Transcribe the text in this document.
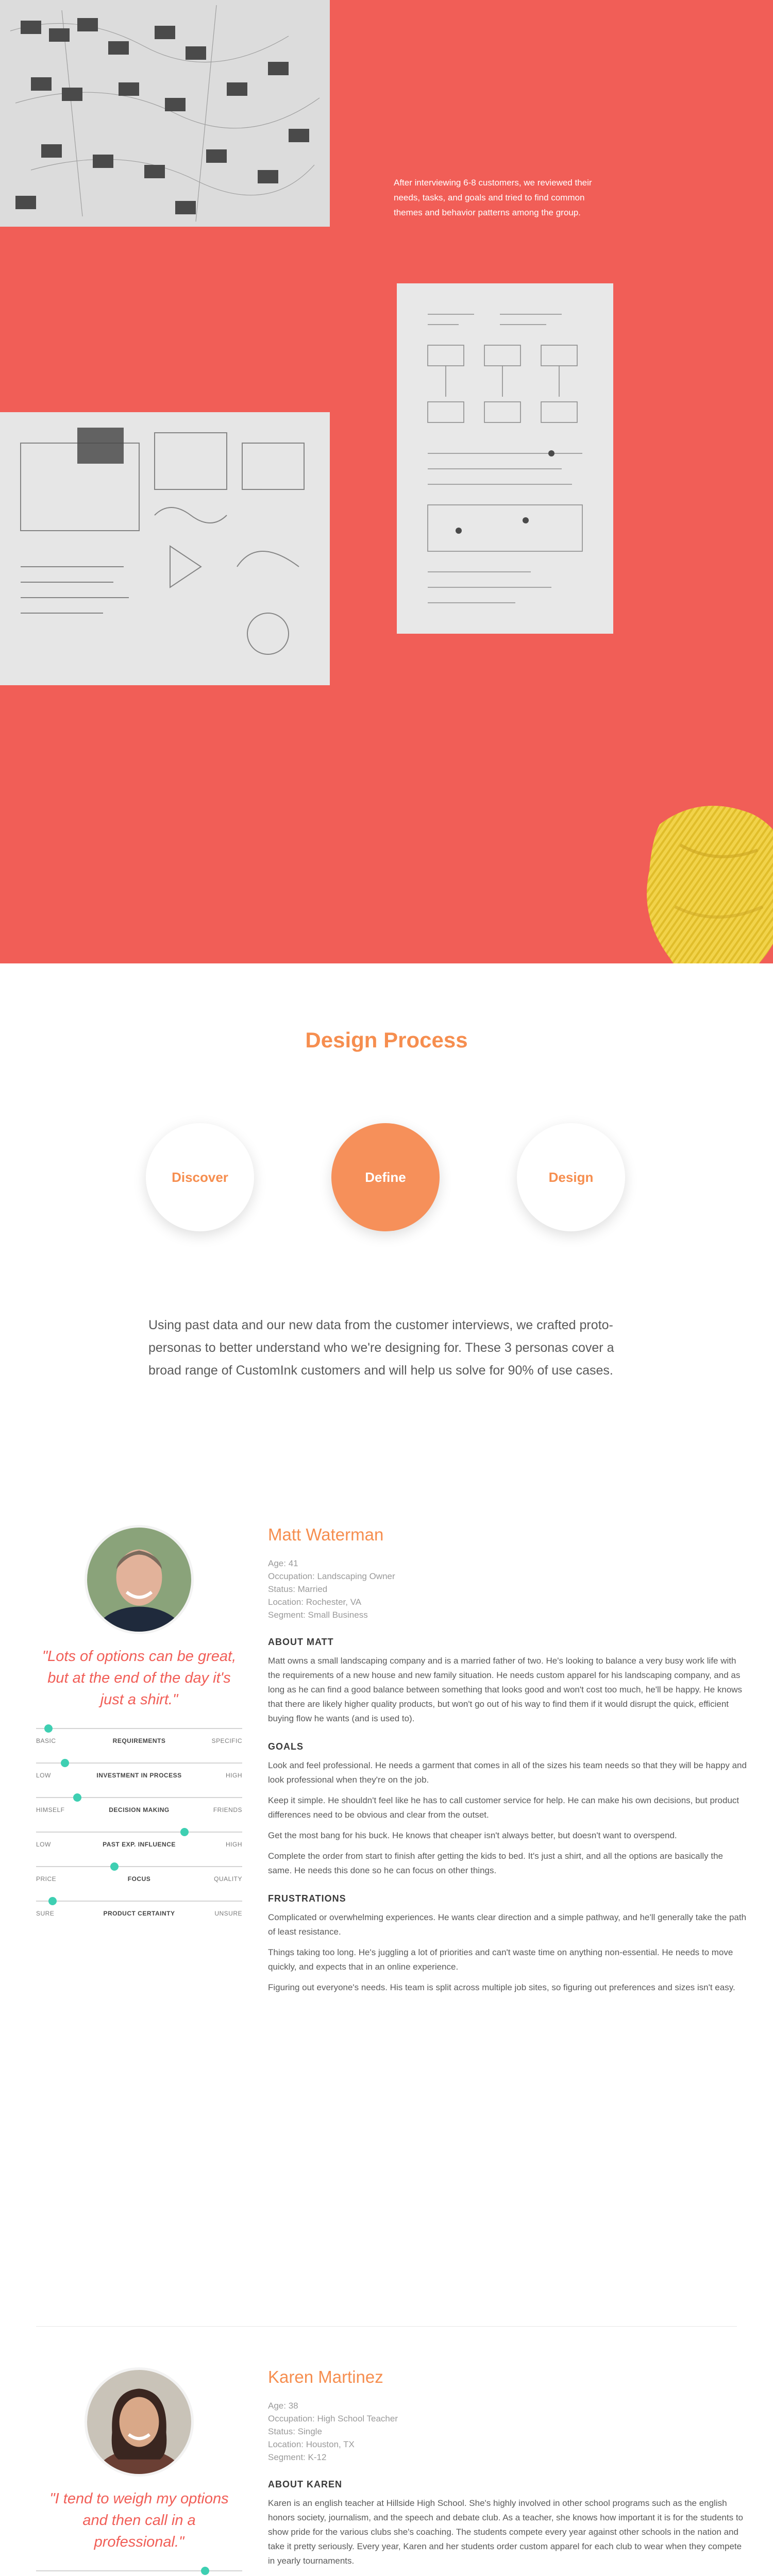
After interviewing 6-8 customers, we reviewed their needs, tasks, and goals and tried to find common themes and behavior patterns among the group.

Design Process
Discover	Define	Design

Using past data and our new data from the customer interviews, we crafted proto-personas to better understand who we're designing for. These 3 personas cover a broad range of CustomInk customers and will help us solve for 90% of use cases.

"Lots of options can be great, but at the end of the day it's just a shirt."

BASIC	REQUIREMENTS	SPECIFIC
LOW	INVESTMENT IN PROCESS	HIGH
HIMSELF	DECISION MAKING	FRIENDS
LOW	PAST EXP. INFLUENCE	HIGH
PRICE	FOCUS	QUALITY
SURE	PRODUCT CERTAINTY	UNSURE
Matt Waterman
Age: 41
Occupation: Landscaping Owner
Status: Married
Location: Rochester, VA
Segment: Small Business
ABOUT MATT

Matt owns a small landscaping company and is a married father of two. He's looking to balance a very busy work life with the requirements of a new house and new family situation. He needs custom apparel for his landscaping company, and as long as he can find a good balance between something that looks good and won't cost too much, he'll be happy. He knows that there are likely higher quality products, but won't go out of his way to find them if it would disrupt the quick, efficient buying flow he wants (and is used to).

GOALS

Look and feel professional. He needs a garment that comes in all of the sizes his team needs so that they will be happy and look professional when they're on the job.

Keep it simple. He shouldn't feel like he has to call customer service for help. He can make his own decisions, but product differences need to be obvious and clear from the outset.

Get the most bang for his buck. He knows that cheaper isn't always better, but doesn't want to overspend.

Complete the order from start to finish after getting the kids to bed. It's just a shirt, and all the options are basically the same. He needs this done so he can focus on other things.

FRUSTRATIONS

Complicated or overwhelming experiences. He wants clear direction and a simple pathway, and he'll generally take the path of least resistance.

Things taking too long. He's juggling a lot of priorities and can't waste time on anything non-essential. He needs to move quickly, and expects that in an online experience.

Figuring out everyone's needs. His team is split across multiple job sites, so figuring out preferences and sizes isn't easy.

"I tend to weigh my options and then call in a professional."

Karen Martinez
Age: 38
Occupation: High School Teacher
Status: Single
Location: Houston, TX
Segment: K-12
ABOUT KAREN

Karen is an english teacher at Hillside High School. She's highly involved in other school programs such as the english honors society, journalism, and the speech and debate club. As a teacher, she knows how important it is for the students to show pride for the various clubs she's coaching. The students compete every year against other schools in the nation and take it pretty seriously. Every year, Karen and her students order custom apparel for each club to wear when they compete in yearly tournaments.
